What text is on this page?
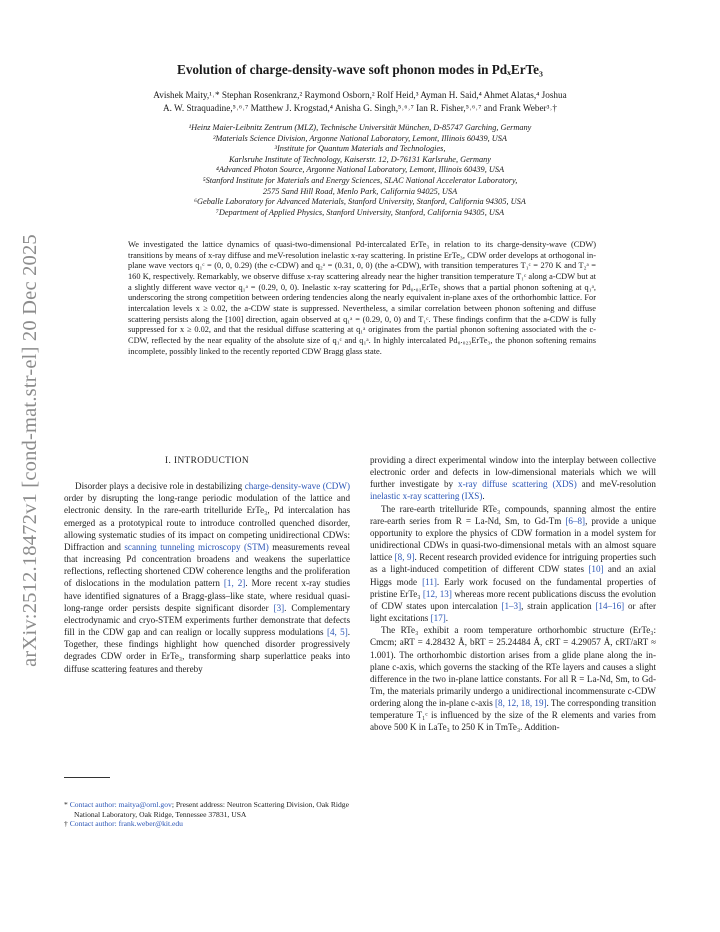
arXiv:2512.18472v1 [cond-mat.str-el] 20 Dec 2025
Evolution of charge-density-wave soft phonon modes in PdₓErTe₃
Avishek Maity,¹˒* Stephan Rosenkranz,² Raymond Osborn,² Rolf Heid,³ Ayman H. Said,⁴ Ahmet Alatas,⁴ Joshua
A. W. Straquadine,⁵˒⁶˒⁷ Matthew J. Krogstad,⁴ Anisha G. Singh,⁵˒⁶˒⁷ Ian R. Fisher,⁵˒⁶˒⁷ and Frank Weber³˒†
¹Heinz Maier-Leibnitz Zentrum (MLZ), Technische Universität München, D-85747 Garching, Germany
²Materials Science Division, Argonne National Laboratory, Lemont, Illinois 60439, USA
³Institute for Quantum Materials and Technologies,
Karlsruhe Institute of Technology, Kaiserstr. 12, D-76131 Karlsruhe, Germany
⁴Advanced Photon Source, Argonne National Laboratory, Lemont, Illinois 60439, USA
⁵Stanford Institute for Materials and Energy Sciences, SLAC National Accelerator Laboratory,
2575 Sand Hill Road, Menlo Park, California 94025, USA
⁶Geballe Laboratory for Advanced Materials, Stanford University, Stanford, California 94305, USA
⁷Department of Applied Physics, Stanford University, Stanford, California 94305, USA
We investigated the lattice dynamics of quasi-two-dimensional Pd-intercalated ErTe₃ in relation to its charge-density-wave (CDW) transitions by means of x-ray diffuse and meV-resolution inelastic x-ray scattering. In pristine ErTe₃, CDW order develops at orthogonal in-plane wave vectors q₁ᶜ = (0, 0, 0.29) (the c-CDW) and q₂ᵃ = (0.31, 0, 0) (the a-CDW), with transition temperatures T₁ᶜ = 270 K and T₂ᵃ = 160 K, respectively. Remarkably, we observe diffuse x-ray scattering already near the higher transition temperature T₁ᶜ along a-CDW but at a slightly different wave vector q₁ᵃ = (0.29, 0, 0). Inelastic x-ray scattering for Pd₀.₀₁ErTe₃ shows that a partial phonon softening at q₁ᵃ, underscoring the strong competition between ordering tendencies along the nearly equivalent in-plane axes of the orthorhombic lattice. For intercalation levels x ≥ 0.02, the a-CDW state is suppressed. Nevertheless, a similar correlation between phonon softening and diffuse scattering persists along the [100] direction, again observed at q₁ᵃ = (0.29, 0, 0) and T₁ᶜ. These findings confirm that the a-CDW is fully suppressed for x ≥ 0.02, and that the residual diffuse scattering at q₁ᵃ originates from the partial phonon softening associated with the c-CDW, reflected by the near equality of the absolute size of q₁ᶜ and q₁ᵃ. In highly intercalated Pd₀.₀₂₃ErTe₃, the phonon softening remains incomplete, possibly linked to the recently reported CDW Bragg glass state.
I. INTRODUCTION

Disorder plays a decisive role in destabilizing charge-density-wave (CDW) order by disrupting the long-range periodic modulation of the lattice and electronic density. In the rare-earth tritelluride ErTe₃, Pd intercalation has emerged as a prototypical route to introduce controlled quenched disorder, allowing systematic studies of its impact on competing unidirectional CDWs: Diffraction and scanning tunneling microscopy (STM) measurements reveal that increasing Pd concentration broadens and weakens the superlattice reflections, reflecting shortened CDW coherence lengths and the proliferation of dislocations in the modulation pattern [1, 2]. More recent x-ray studies have identified signatures of a Bragg-glass–like state, where residual quasi-long-range order persists despite significant disorder [3]. Complementary electrodynamic and cryo-STEM experiments further demonstrate that defects fill in the CDW gap and can realign or locally suppress modulations [4, 5]. Together, these findings highlight how quenched disorder progressively degrades CDW order in ErTe₃, transforming sharp superlattice peaks into diffuse scattering features and thereby

* Contact author: maitya@ornl.gov; Present address: Neutron Scattering Division, Oak Ridge National Laboratory, Oak Ridge, Tennessee 37831, USA

† Contact author: frank.weber@kit.edu

providing a direct experimental window into the interplay between collective electronic order and defects in low-dimensional materials which we will further investigate by x-ray diffuse scattering (XDS) and meV-resolution inelastic x-ray scattering (IXS).

The rare-earth tritelluride RTe₃ compounds, spanning almost the entire rare-earth series from R = La-Nd, Sm, to Gd-Tm [6–8], provide a unique opportunity to explore the physics of CDW formation in a model system for unidirectional CDWs in quasi-two-dimensional metals with an almost square lattice [8, 9]. Recent research provided evidence for intriguing properties such as a light-induced competition of different CDW states [10] and an axial Higgs mode [11]. Early work focused on the fundamental properties of pristine ErTe₃ [12, 13] whereas more recent publications discuss the evolution of CDW states upon intercalation [1–3], strain application [14–16] or after light excitations [17].

The RTe₃ exhibit a room temperature orthorhombic structure (ErTe₃: Cmcm; aRT = 4.28432 Å, bRT = 25.24484 Å, cRT = 4.29057 Å, cRT/aRT ≈ 1.001). The orthorhombic distortion arises from a glide plane along the in-plane c-axis, which governs the stacking of the RTe layers and causes a slight difference in the two in-plane lattice constants. For all R = La-Nd, Sm, to Gd-Tm, the materials primarily undergo a unidirectional incommensurate c-CDW ordering along the in-plane c-axis [8, 12, 18, 19]. The corresponding transition temperature T₁ᶜ is influenced by the size of the R elements and varies from above 500 K in LaTe₃ to 250 K in TmTe₃. Addition-
